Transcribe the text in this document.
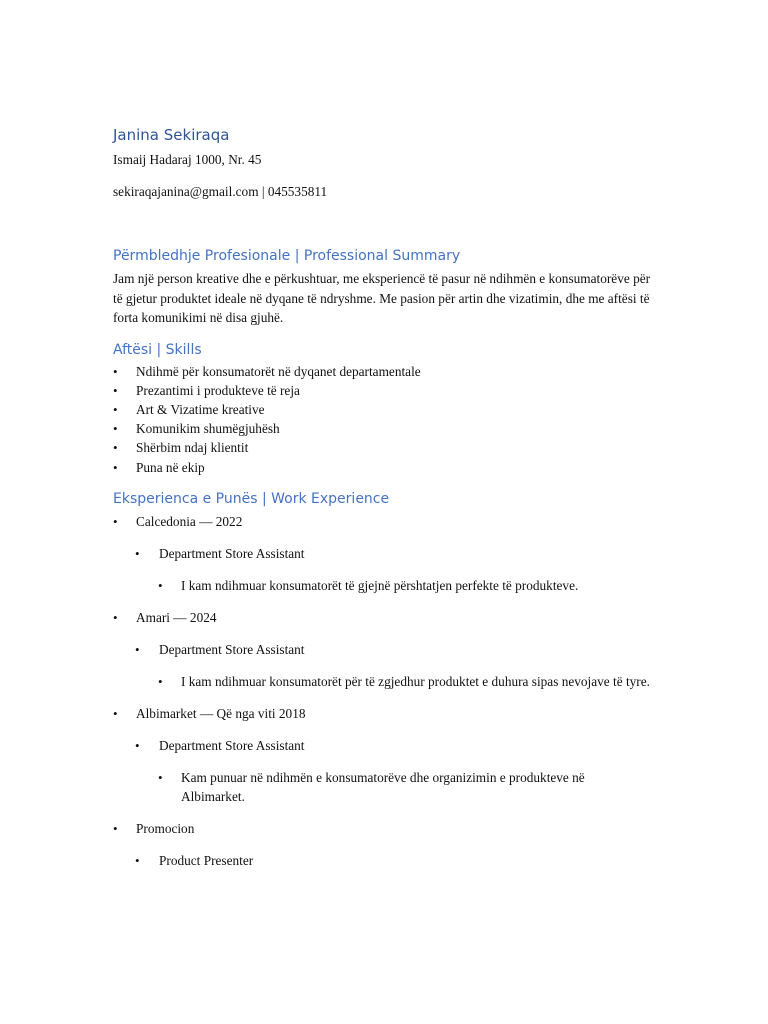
Janina Sekiraqa

Ismaij Hadaraj 1000, Nr. 45

sekiraqajanina@gmail.com | 045535811

Përmbledhje Profesionale | Professional Summary

Jam një person kreative dhe e përkushtuar, me eksperiencë të pasur në ndihmën e konsumatorëve për të gjetur produktet ideale në dyqane të ndryshme. Me pasion për artin dhe vizatimin, dhe me aftësi të forta komunikimi në disa gjuhë.

Aftësi | Skills
• Ndihmë për konsumatorët në dyqanet departamentale
• Prezantimi i produkteve të reja
• Art & Vizatime kreative
• Komunikim shumëgjuhësh
• Shërbim ndaj klientit
• Puna në ekip
Eksperienca e Punës | Work Experience
• Calcedonia — 2022
• Department Store Assistant
• I kam ndihmuar konsumatorët të gjejnë përshtatjen perfekte të produkteve.
• Amari — 2024
• Department Store Assistant
• I kam ndihmuar konsumatorët për të zgjedhur produktet e duhura sipas nevojave të tyre.
• Albimarket — Që nga viti 2018
• Department Store Assistant
• Kam punuar në ndihmën e konsumatorëve dhe organizimin e produkteve në Albimarket.
• Promocion
• Product Presenter
